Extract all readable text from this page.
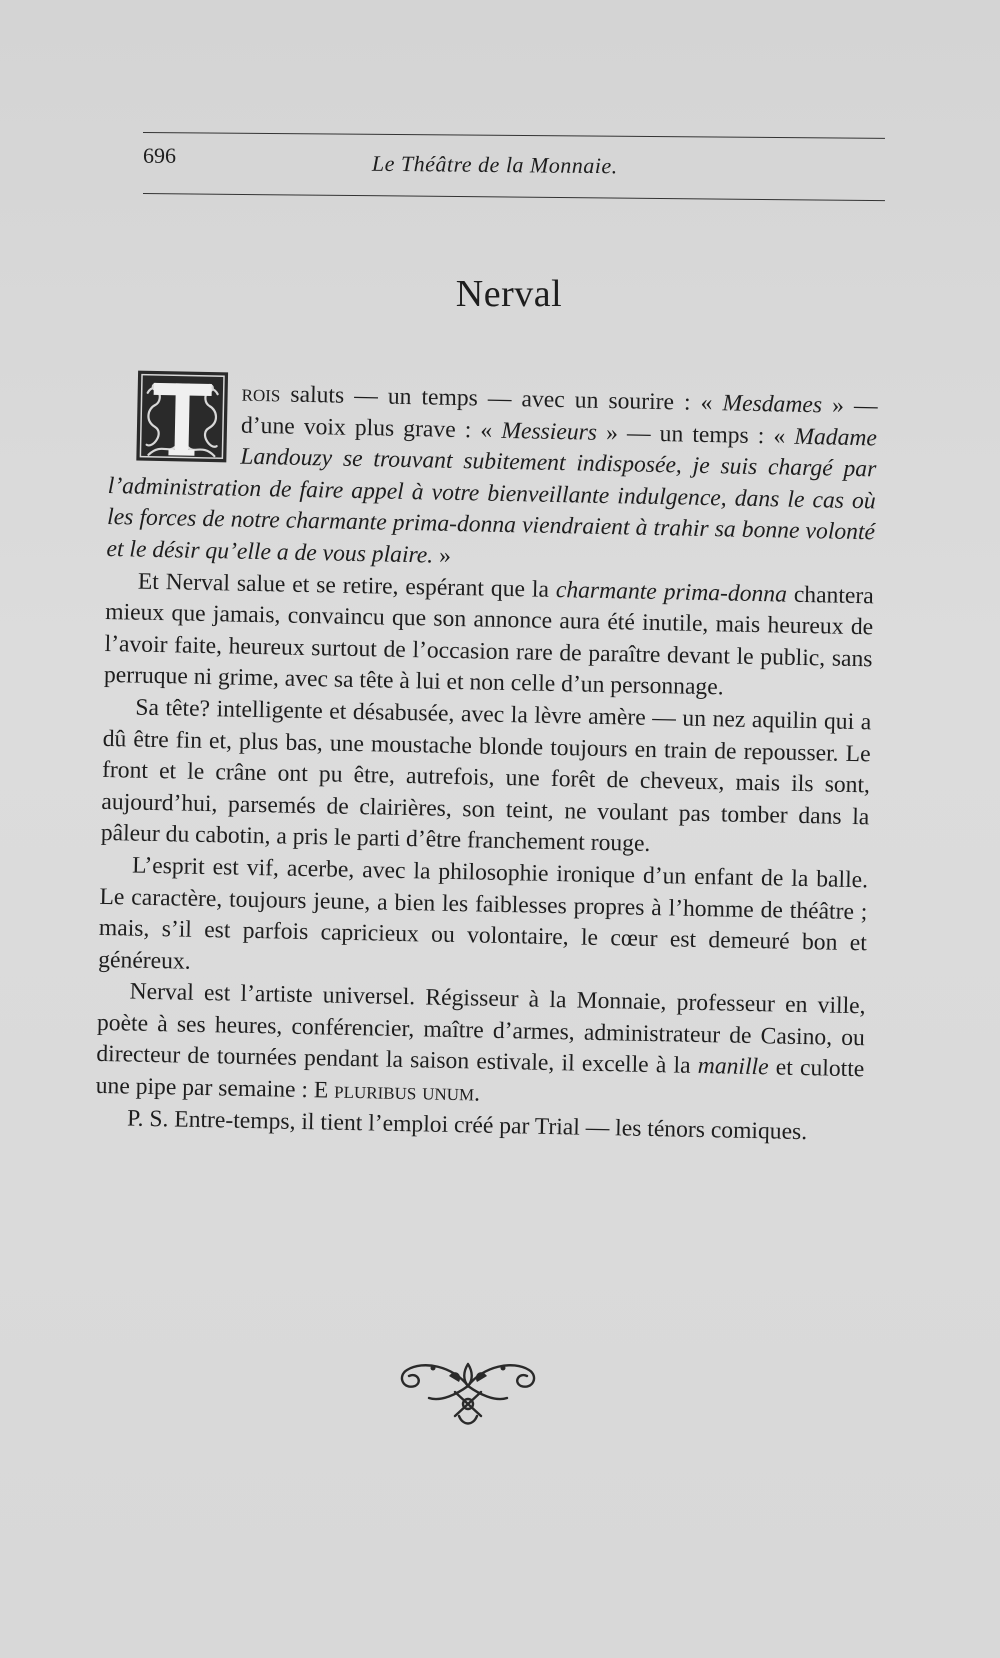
696	Le Théâtre de la Monnaie.
Nerval

rois saluts — un temps — avec un sourire : « Mesdames » — d’une voix plus grave : « Messieurs » — un temps : « Madame Landouzy se trouvant subitement indisposée, je suis chargé par l’administration de faire appel à votre bienveillante indulgence, dans le cas où les forces de notre charmante prima-donna viendraient à trahir sa bonne volonté et le désir qu’elle a de vous plaire. »

Et Nerval salue et se retire, espérant que la charmante prima-donna chantera mieux que jamais, convaincu que son annonce aura été inutile, mais heureux de l’avoir faite, heureux surtout de l’occasion rare de paraître devant le public, sans perruque ni grime, avec sa tête à lui et non celle d’un personnage.

Sa tête? intelligente et désabusée, avec la lèvre amère — un nez aquilin qui a dû être fin et, plus bas, une moustache blonde toujours en train de repousser. Le front et le crâne ont pu être, autrefois, une forêt de cheveux, mais ils sont, aujourd’hui, parsemés de clairières, son teint, ne voulant pas tomber dans la pâleur du cabotin, a pris le parti d’être franchement rouge.

L’esprit est vif, acerbe, avec la philosophie ironique d’un enfant de la balle. Le caractère, toujours jeune, a bien les faiblesses propres à l’homme de théâtre ; mais, s’il est parfois capricieux ou volontaire, le cœur est demeuré bon et généreux.

Nerval est l’artiste universel. Régisseur à la Monnaie, professeur en ville, poète à ses heures, conférencier, maître d’armes, administrateur de Casino, ou directeur de tournées pendant la saison estivale, il excelle à la manille et culotte une pipe par semaine : E pluribus unum.

P. S. Entre-temps, il tient l’emploi créé par Trial — les ténors comiques.
